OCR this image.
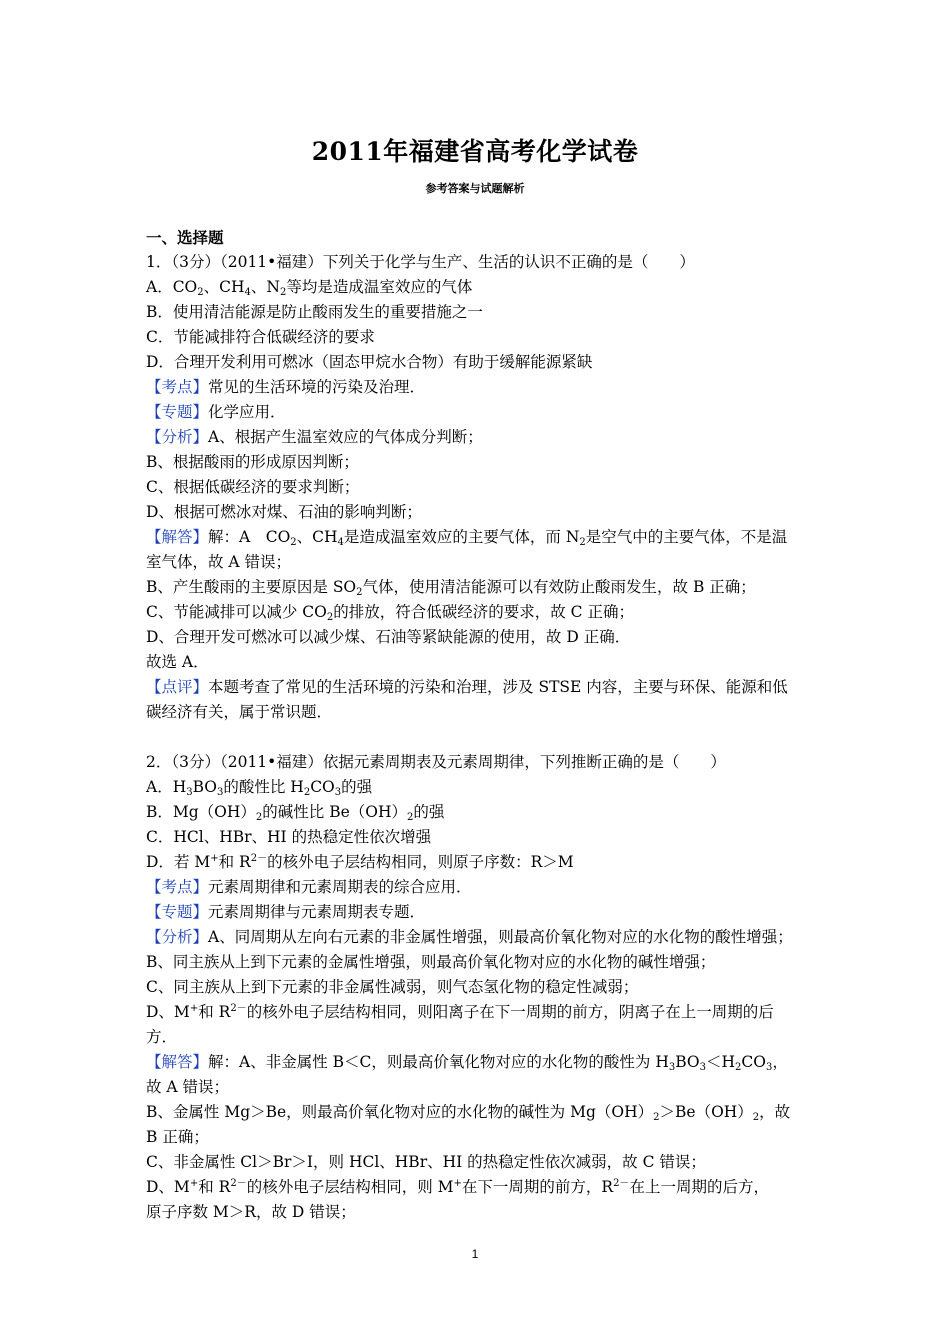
2011年福建省高考化学试卷
参考答案与试题解析
一、选择题
1．（3分）（2011•福建）下列关于化学与生产、生活的认识不正确的是（　　）
A．$CO_2$、$CH_4$、$N_2$等均是造成温室效应的气体
B．使用清洁能源是防止酸雨发生的重要措施之一
C．节能减排符合低碳经济的要求
D．合理开发利用可燃冰（固态甲烷水合物）有助于缓解能源紧缺
【考点】常见的生活环境的污染及治理．
【专题】化学应用．
【分析】A、根据产生温室效应的气体成分判断；
B、根据酸雨的形成原因判断；
C、根据低碳经济的要求判断；
D、根据可燃冰对煤、石油的影响判断；
【解答】解：A　$CO_2$、$CH_4$是造成温室效应的主要气体，而 $N_2$是空气中的主要气体，不是温
室气体，故 A 错误；
B、产生酸雨的主要原因是 $SO_2$气体，使用清洁能源可以有效防止酸雨发生，故 B 正确；
C、节能减排可以减少 $CO_2$的排放，符合低碳经济的要求，故 C 正确；
D、合理开发可燃冰可以减少煤、石油等紧缺能源的使用，故 D 正确．
故选 A．
【点评】本题考查了常见的生活环境的污染和治理，涉及 STSE 内容，主要与环保、能源和低
碳经济有关，属于常识题．
2．（3分）（2011•福建）依据元素周期表及元素周期律，下列推断正确的是（　　）
A．$H_3BO_3$的酸性比 $H_2CO_3$的强
B．$Mg(OH)_2$的碱性比 $Be(OH)_2$的强
C．HCl、HBr、HI 的热稳定性依次增强
D．若 M+和 $R^{2-}$的核外电子层结构相同，则原子序数：R＞M
【考点】元素周期律和元素周期表的综合应用．
【专题】元素周期律与元素周期表专题．
【分析】A、同周期从左向右元素的非金属性增强，则最高价氧化物对应的水化物的酸性增强；
B、同主族从上到下元素的金属性增强，则最高价氧化物对应的水化物的碱性增强；
C、同主族从上到下元素的非金属性减弱，则气态氢化物的稳定性减弱；
D、M+和 $R^{2-}$的核外电子层结构相同，则阳离子在下一周期的前方，阴离子在上一周期的后
方．
【解答】解：A、非金属性 B＜C，则最高价氧化物对应的水化物的酸性为 $H_3BO_3<H_2CO_3$，
故 A 错误；
B、金属性 Mg＞Be，则最高价氧化物对应的水化物的碱性为 $Mg(OH)_2>Be(OH)_2$，故
B 正确；
C、非金属性 Cl＞Br＞I，则 HCl、HBr、HI 的热稳定性依次减弱，故 C 错误；
D、M+和 $R^{2-}$的核外电子层结构相同，则 M+在下一周期的前方，$R^{2-}$在上一周期的后方，
原子序数 M＞R，故 D 错误；
1
